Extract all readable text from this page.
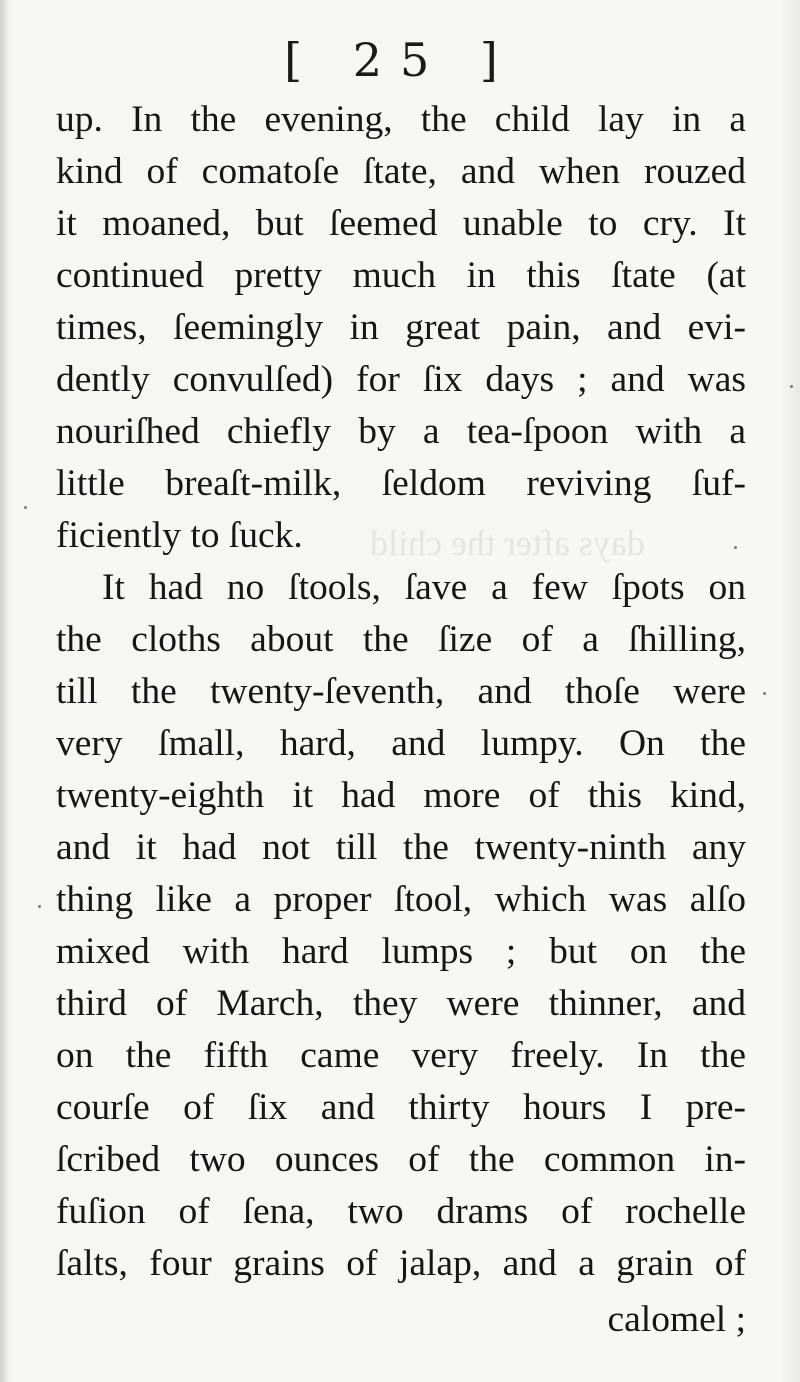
days after the child
[ 25 ]
up. In the evening, the child lay in a
kind of comatoſe ſtate, and when rouzed
it moaned, but ſeemed unable to cry. It
continued pretty much in this ſtate (at
times, ſeemingly in great pain, and evi-
dently convulſed) for ſix days ; and was
nouriſhed chiefly by a tea-ſpoon with a
little breaſt-milk, ſeldom reviving ſuf-
ficiently to ſuck.
It had no ſtools, ſave a few ſpots on
the cloths about the ſize of a ſhilling,
till the twenty-ſeventh, and thoſe were
very ſmall, hard, and lumpy. On the
twenty-eighth it had more of this kind,
and it had not till the twenty-ninth any
thing like a proper ſtool, which was alſo
mixed with hard lumps ; but on the
third of March, they were thinner, and
on the fifth came very freely. In the
courſe of ſix and thirty hours I pre-
ſcribed two ounces of the common in-
fuſion of ſena, two drams of rochelle
ſalts, four grains of jalap, and a grain of
calomel ;
